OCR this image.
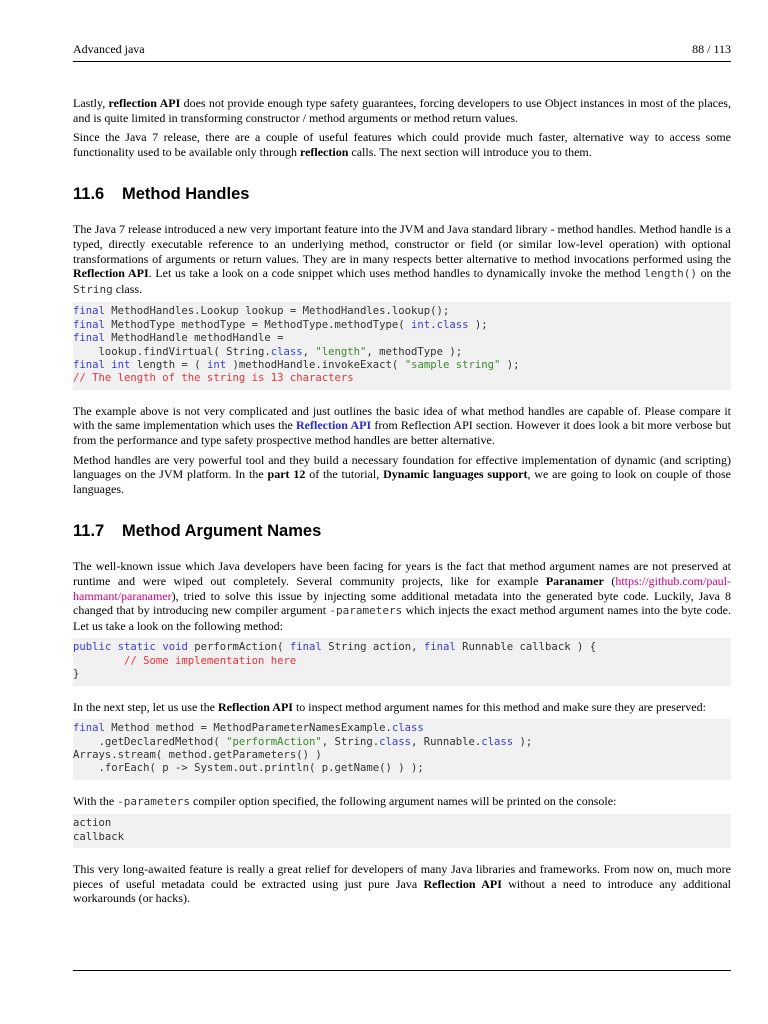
Advanced java	88 / 113

Lastly, reflection API does not provide enough type safety guarantees, forcing developers to use Object instances in most of the places, and is quite limited in transforming constructor / method arguments or method return values.

Since the Java 7 release, there are a couple of useful features which could provide much faster, alternative way to access some functionality used to be available only through reflection calls. The next section will introduce you to them.

11.6 Method Handles

The Java 7 release introduced a new very important feature into the JVM and Java standard library - method handles. Method handle is a typed, directly executable reference to an underlying method, constructor or field (or similar low-level operation) with optional transformations of arguments or return values. They are in many respects better alternative to method invocations performed using the Reflection API. Let us take a look on a code snippet which uses method handles to dynamically invoke the method length() on the String class.

final MethodHandles.Lookup lookup = MethodHandles.lookup();
final MethodType methodType = MethodType.methodType( int.class );
final MethodHandle methodHandle =
lookup.findVirtual( String.class, "length", methodType );
final int length = ( int )methodHandle.invokeExact( "sample string" );
// The length of the string is 13 characters

The example above is not very complicated and just outlines the basic idea of what method handles are capable of. Please compare it with the same implementation which uses the Reflection API from Reflection API section. However it does look a bit more verbose but from the performance and type safety prospective method handles are better alternative.

Method handles are very powerful tool and they build a necessary foundation for effective implementation of dynamic (and scripting) languages on the JVM platform. In the part 12 of the tutorial, Dynamic languages support, we are going to look on couple of those languages.

11.7 Method Argument Names

The well-known issue which Java developers have been facing for years is the fact that method argument names are not preserved at runtime and were wiped out completely. Several community projects, like for example Paranamer (https://github.com/paul-hammant/paranamer), tried to solve this issue by injecting some additional metadata into the generated byte code. Luckily, Java 8 changed that by introducing new compiler argument -parameters which injects the exact method argument names into the byte code. Let us take a look on the following method:

public static void performAction( final String action, final Runnable callback ) {
// Some implementation here
}

In the next step, let us use the Reflection API to inspect method argument names for this method and make sure they are preserved:

final Method method = MethodParameterNamesExample.class
.getDeclaredMethod( "performAction", String.class, Runnable.class );
Arrays.stream( method.getParameters() )
.forEach( p -> System.out.println( p.getName() ) );

With the -parameters compiler option specified, the following argument names will be printed on the console:

action
callback

This very long-awaited feature is really a great relief for developers of many Java libraries and frameworks. From now on, much more pieces of useful metadata could be extracted using just pure Java Reflection API without a need to introduce any additional workarounds (or hacks).
